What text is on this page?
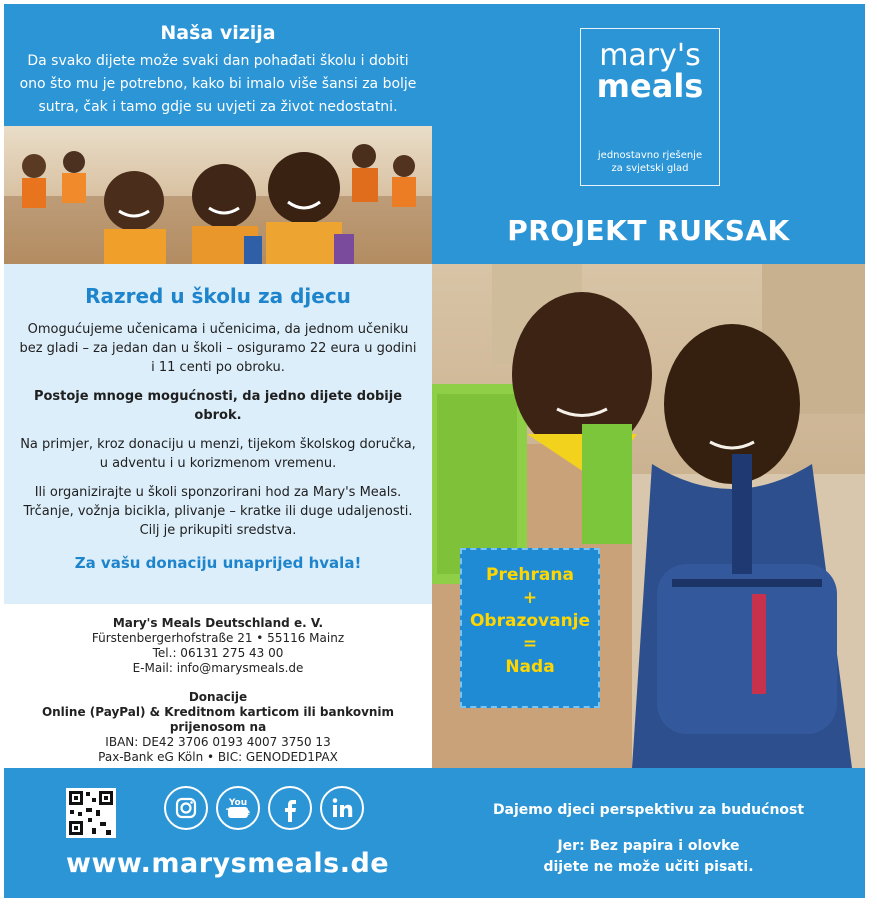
Naša vizija

Da svako dijete može svaki dan pohađati školu i dobiti ono što mu je potrebno, kako bi imalo više šansi za bolje sutra, čak i tamo gdje su uvjeti za život nedostatni.

Razred u školu za djecu

Omogućujeme učenicama i učenicima, da jednom učeniku bez gladi – za jedan dan u školi – osiguramo 22 eura u godini i 11 centi po obroku.

Postoje mnoge mogućnosti, da jedno dijete dobije obrok.

Na primjer, kroz donaciju u menzi, tijekom školskog doručka, u adventu i u korizmenom vremenu.

Ili organizirajte u školi sponzorirani hod za Mary's Meals. Trčanje, vožnja bicikla, plivanje – kratke ili duge udaljenosti. Cilj je prikupiti sredstva.

Za vašu donaciju unaprijed hvala!

Mary's Meals Deutschland e. V.
Fürstenbergerhofstraße 21 • 55116 Mainz
Tel.: 06131 275 43 00
E-Mail: info@marysmeals.de
Donacije
Online (PayPal) & Kreditnom karticom ili bankovnim prijenosom na
IBAN: DE42 3706 0193 4007 3750 13
Pax-Bank eG Köln • BIC: GENODED1PAX
mary's
meals
jednostavno rješenje
za svjetski glad
PROJEKT RUKSAK
Prehrana
+
Obrazovanje
=
Nada
You Tube
www.marysmeals.de
Dajemo djeci perspektivu za budućnost
Jer: Bez papira i olovke
dijete ne može učiti pisati.
